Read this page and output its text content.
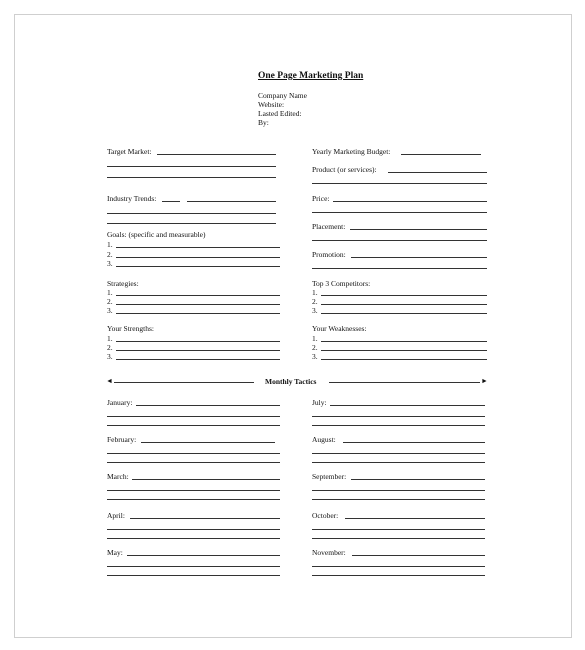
One Page Marketing Plan
Company Name
Website:
Lasted Edited:
By:
Target Market:
Industry Trends:
Goals: (specific and measurable)
1.
2.
3.
Strategies:
1.
2.
3.
Your Strengths:
1.
2.
3.
Yearly Marketing Budget:
Product (or services):
Price:
Placement:
Promotion:
Top 3 Competitors:
1.
2.
3.
Your Weaknesses:
1.
2.
3.
◄	Monthly Tactics	►
January:
February:
March:
April:
May:
July:
August:
September:
October:
November:
